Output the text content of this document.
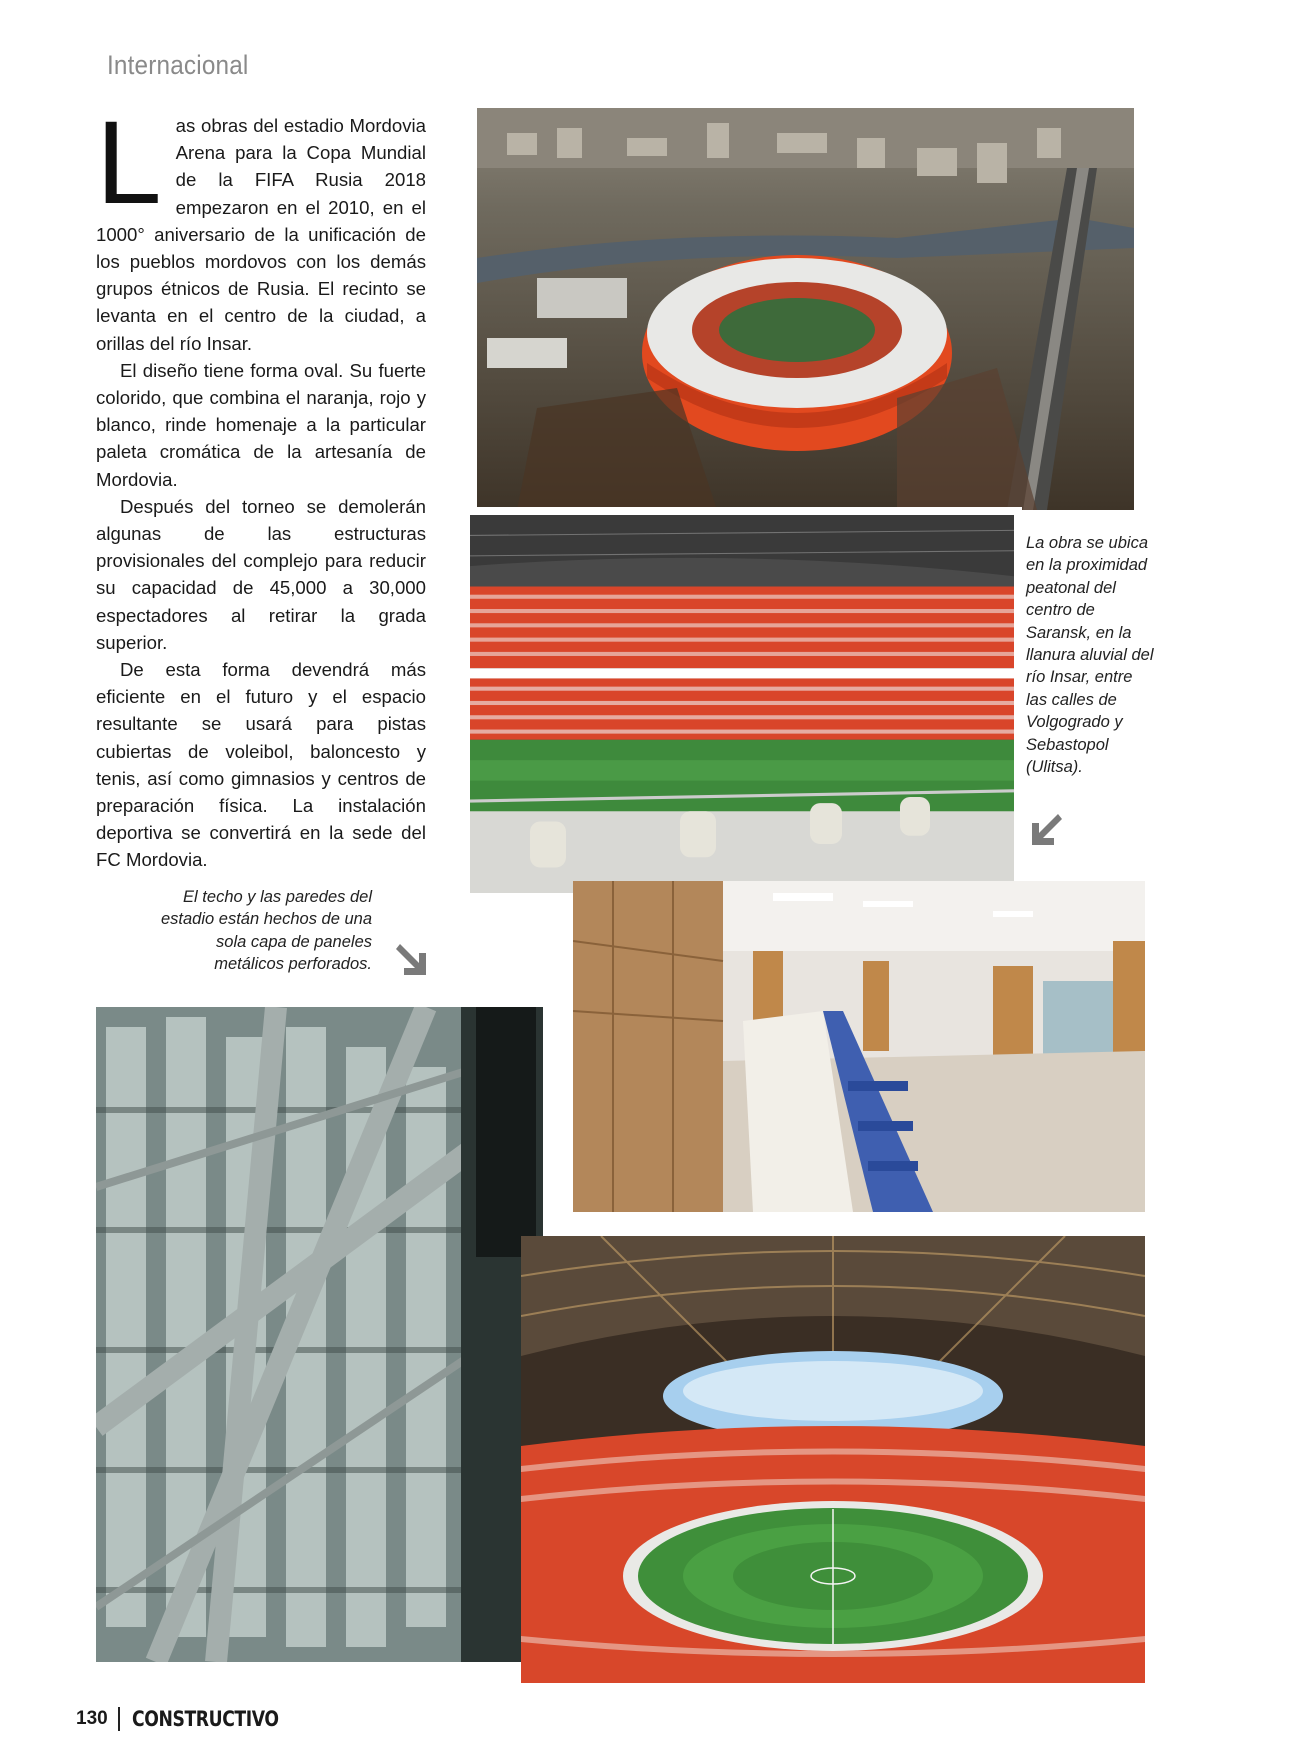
Internacional

Las obras del estadio Mordovia Arena para la Copa Mundial de la FIFA Rusia 2018 empezaron en el 2010, en el 1000° aniversario de la unificación de los pueblos mordovos con los demás grupos étnicos de Rusia. El recinto se levanta en el centro de la ciudad, a orillas del río Insar.

El diseño tiene forma oval. Su fuerte colorido, que combina el naranja, rojo y blanco, rinde homenaje a la particular paleta cromática de la artesanía de Mordovia.

Después del torneo se demolerán algunas de las estructuras provisionales del complejo para reducir su capacidad de 45,000 a 30,000 espectadores al retirar la grada superior.

De esta forma devendrá más eficiente en el futuro y el espacio resultante se usará para pistas cubiertas de voleibol, baloncesto y tenis, así como gimnasios y centros de preparación física. La instalación deportiva se convertirá en la sede del FC Mordovia.

La obra se ubica en la proximidad peatonal del centro de Saransk, en la llanura aluvial del río Insar, entre las calles de Volgogrado y Sebastopol (Ulitsa).
El techo y las paredes del estadio están hechos de una sola capa de paneles metálicos perforados.
130 CONSTRUCTIVO
